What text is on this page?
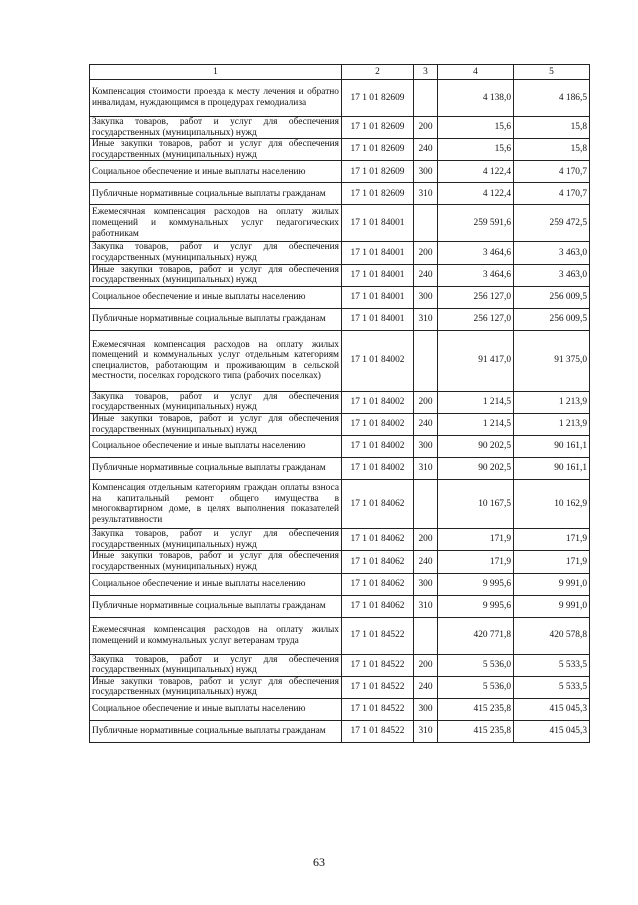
1	2	3	4	5
Компенсация стоимости проезда к месту лечения и обратно инвалидам, нуждающимся в процедурах гемодиализа	17 1 01 82609		4 138,0	4 186,5
Закупка товаров, работ и услуг для обеспечения государственных (муниципальных) нужд	17 1 01 82609	200	15,6	15,8
Иные закупки товаров, работ и услуг для обеспечения государственных (муниципальных) нужд	17 1 01 82609	240	15,6	15,8
Социальное обеспечение и иные выплаты населению	17 1 01 82609	300	4 122,4	4 170,7
Публичные нормативные социальные выплаты гражданам	17 1 01 82609	310	4 122,4	4 170,7
Ежемесячная компенсация расходов на оплату жилых помещений и коммунальных услуг педагогических работникам	17 1 01 84001		259 591,6	259 472,5
Закупка товаров, работ и услуг для обеспечения государственных (муниципальных) нужд	17 1 01 84001	200	3 464,6	3 463,0
Иные закупки товаров, работ и услуг для обеспечения государственных (муниципальных) нужд	17 1 01 84001	240	3 464,6	3 463,0
Социальное обеспечение и иные выплаты населению	17 1 01 84001	300	256 127,0	256 009,5
Публичные нормативные социальные выплаты гражданам	17 1 01 84001	310	256 127,0	256 009,5
Ежемесячная компенсация расходов на оплату жилых помещений и коммунальных услуг отдельным категориям специалистов, работающим и проживающим в сельской местности, поселках городского типа (рабочих поселках)	17 1 01 84002		91 417,0	91 375,0
Закупка товаров, работ и услуг для обеспечения государственных (муниципальных) нужд	17 1 01 84002	200	1 214,5	1 213,9
Иные закупки товаров, работ и услуг для обеспечения государственных (муниципальных) нужд	17 1 01 84002	240	1 214,5	1 213,9
Социальное обеспечение и иные выплаты населению	17 1 01 84002	300	90 202,5	90 161,1
Публичные нормативные социальные выплаты гражданам	17 1 01 84002	310	90 202,5	90 161,1
Компенсация отдельным категориям граждан оплаты взноса на капитальный ремонт общего имущества в многоквартирном доме, в целях выполнения показателей результативности	17 1 01 84062		10 167,5	10 162,9
Закупка товаров, работ и услуг для обеспечения государственных (муниципальных) нужд	17 1 01 84062	200	171,9	171,9
Иные закупки товаров, работ и услуг для обеспечения государственных (муниципальных) нужд	17 1 01 84062	240	171,9	171,9
Социальное обеспечение и иные выплаты населению	17 1 01 84062	300	9 995,6	9 991,0
Публичные нормативные социальные выплаты гражданам	17 1 01 84062	310	9 995,6	9 991,0
Ежемесячная компенсация расходов на оплату жилых помещений и коммунальных услуг ветеранам труда	17 1 01 84522		420 771,8	420 578,8
Закупка товаров, работ и услуг для обеспечения государственных (муниципальных) нужд	17 1 01 84522	200	5 536,0	5 533,5
Иные закупки товаров, работ и услуг для обеспечения государственных (муниципальных) нужд	17 1 01 84522	240	5 536,0	5 533,5
Социальное обеспечение и иные выплаты населению	17 1 01 84522	300	415 235,8	415 045,3
Публичные нормативные социальные выплаты гражданам	17 1 01 84522	310	415 235,8	415 045,3
63
